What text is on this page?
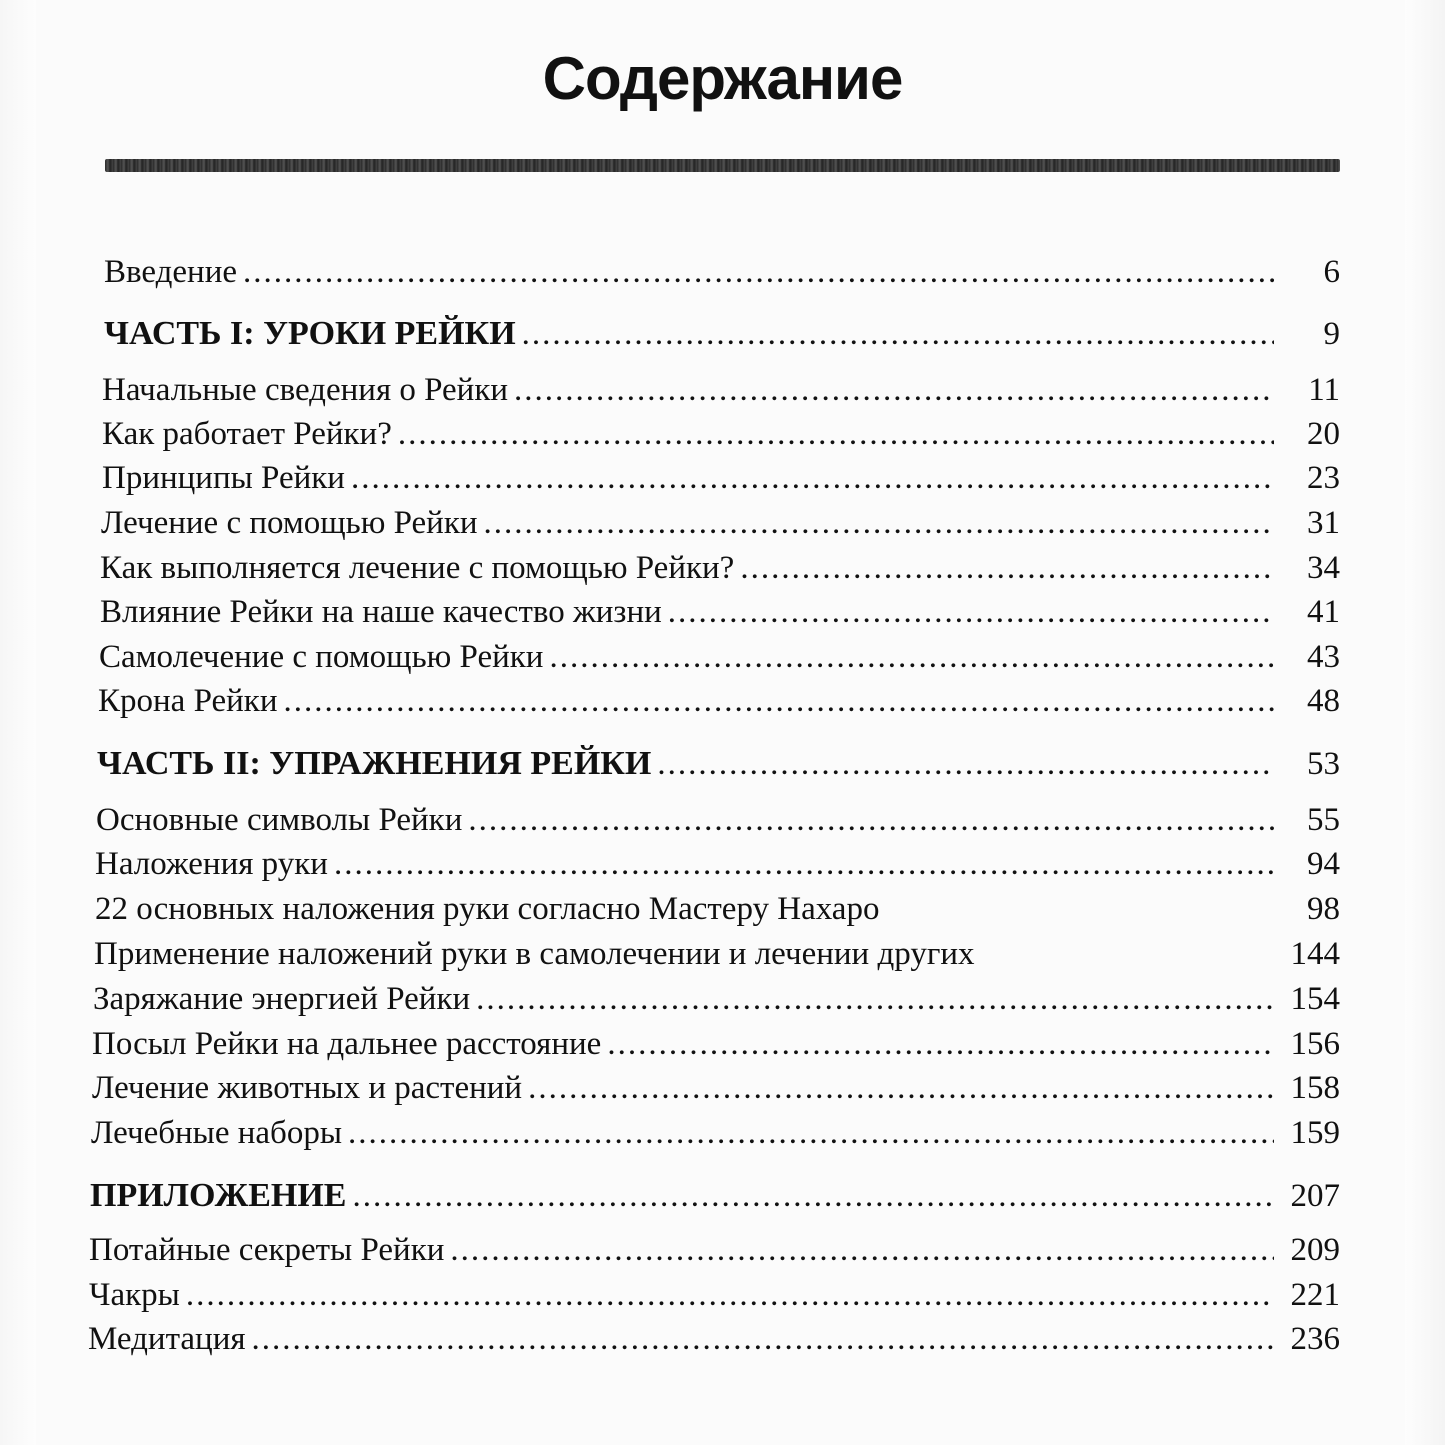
Содержание
Введение .....	6
ЧАСТЬ I: УРОКИ РЕЙКИ .....	9
Начальные сведения о Рейки .....	11
Как работает Рейки? .....	20
Принципы Рейки .....	23
Лечение с помощью Рейки .....	31
Как выполняется лечение с помощью Рейки? .....	34
Влияние Рейки на наше качество жизни .....	41
Самолечение с помощью Рейки .....	43
Крона Рейки .....	48
ЧАСТЬ II: УПРАЖНЕНИЯ РЕЙКИ .....	53
Основные символы Рейки .....	55
Наложения руки .....	94
22 основных наложения руки согласно Мастеру Нахаро	98
Применение наложений руки в самолечении и лечении других	144
Заряжание энергией Рейки .....	154
Посыл Рейки на дальнее расстояние .....	156
Лечение животных и растений .....	158
Лечебные наборы .....	159
ПРИЛОЖЕНИЕ .....	207
Потайные секреты Рейки .....	209
Чакры .....	221
Медитация .....	236
